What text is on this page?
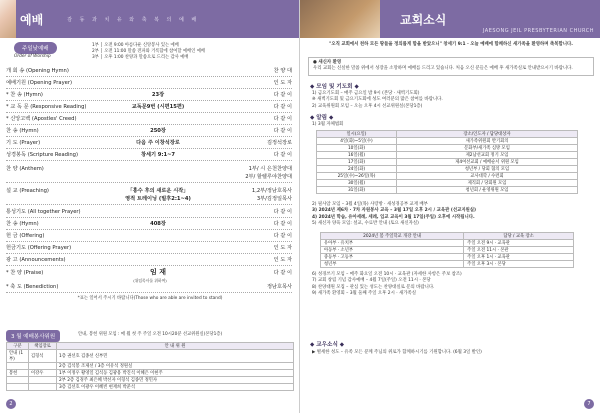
예배	감 동 과 치 유 와 축 복 의 예 배
주일낮예배
Order of Worship
1부 │ 오전 9:00 아름다운 신앙봉사 있는 예배
2부 │ 오전 11:00 말씀 전파와 거룩함에 참여할 예배인 예배
3부 │ 오후 1:00 찬양과 말씀으로 드리는 감사 예배
개 회 송 (Opening Hymn)	찬 양 대
예배기원 (Opening Prayer)	인 도 자
* 찬 송 (Hymn)	23장	다 같 이
* 교 독 문 (Responsive Reading)	교독문9번 (시편15편)	다 같 이
* 신앙고백 (Apostles' Creed)	다 같 이
찬 송 (Hymn)	250장	다 같 이
기 도 (Prayer)	다음 주 이창석장로	김정석장로
성경봉독 (Scripture Reading)	창세기 9:1~7	다 같 이
찬 양 (Anthem)	1부/ 시 은천찬양대
2부/ 할렐루야찬양대
설 교 (Preaching)	「홍수 후의 새로운 시작」	1,2부/정남호목사
영적 트레이닝 (빌후2:1~4)	3부/김정일목사
통성기도 (All together Prayer)	다 같 이
찬 송 (Hymn)	408장	다 같 이
헌 금 (Offering)	다 같 이
헌금기도 (Offering Prayer)	인 도 자
광 고 (Announcements)	인 도 자
* 찬 양 (Praise)	임 재	다 같 이
(위임목사를 위하여)
* 축 도 (Benediction)	정남호목사
*표는 일어서 주시기 바랍니다(Those who are able are invited to stand)
3 월 예배봉사위원	안내, 봉헌 위원 모임 : 매 월 첫 주 주일 오전 10시20분 선교위원실(본당1층)
구분	책임장로	안 내 위 원
안내 (1부)	김형석	1층 권선호 김종선 신부민
		2층 김석봉 조제선 / 3층 이유석 정원실
봉헌	이강우	1부 이정우 황영일 김석동 김광용 박진석 이혜은 이현주
		2부 2층 김경주 최은혜 박선자 이형석 김종민 정민자
		3층 김선호 이광우 이혜빈 현재희 박준석
2
교회소식
JAESONG JEIL PRESBYTERIAN CHURCH
"오직 교회에서 천하 모든 땅들을 정의롭게 함을 받았으니" 창세기 9:1 · 오늘 예배에 함께하신 새가족을 환영하며 축복합니다.
● 새신자 환영
우리 교회는 신실한 말씀 위에서 성장을 소망하며 예배를 드리고 있습니다. 처음 오신 분들은 예배 후 새가족실로 안내받으시기 바랍니다.
◆ 모임 및 기도회 ◆
1) 금요기도회 – 매주 금요일 밤 9시 (본당 · 새벽기도회)
※ 새벽기도회 및 금요기도회에 성도 여러분의 많은 참여를 바랍니다.
2) 교육위원회 모임 – 오늘 오후 4시 선교위원실(본당1층)
◆ 알림 ◆
1) 3월 자체법회
일시(요일)	장소/인도자 / 담당대상자
4일(화)~5일(수)	새가족위원회 반기회의
10일(화)	문화부/새가족 심방 모임
16일(월)	제2남선교회 정기 모임
17일(화)	제4여선교회 / 예배순서 위원 모임
24일(화)	청년부 / 당회 협의 모임
25일(수)~26일(목)	교사대학 / 수련회
30일(월)	제직회 / 당회원 모임
31일(화)	청년회 / 운영위원 모임
2) 필사암 모임 – 3월 4일(목) 사랑방 · 새성경공부 교재 배부
3) 2024년 제6차 · 7차 자원봉사 교육 – 3월 17일 오후 2시 / 교육관 (선교지원실)
4) 2024년 학습, 유아세례, 세례, 입교 교육이 3월 17일(주일) 오후에 시작됩니다.
5) 새신자 양육 모임: 설교, 수료반 안내 (토요 새신자실)
2024년 봄 주일학교 개강 안내	담당 / 교육 장소
유아부 · 유치부	주일 오전 9시 · 교육관
아동부 · 소년부	주일 오전 11시 · 본관
중등부 · 고등부	주일 오후 1시 · 교육관
청년부	주일 오후 3시 · 본당
6) 성경쓰기 모임 – 매주 화요일 오전 10시 · 교육관 (자세한 사항은 주보 참조)
7) 교회 창립 기념 감사예배 – 4월 7일(주일) 오전 11시 · 본당
8) 찬양대원 모집 – 관심 있는 성도는 찬양대실로 문의 바랍니다.
9) 새가족 환영회 – 3월 둘째 주일 오후 2시 · 새가족실
◆ 교우소식 ◆
▶ 별세한 성도 – 유족 모든 분께 주님의 위로가 함께하시기를 기원합니다. (6월 3일 발인)
7
